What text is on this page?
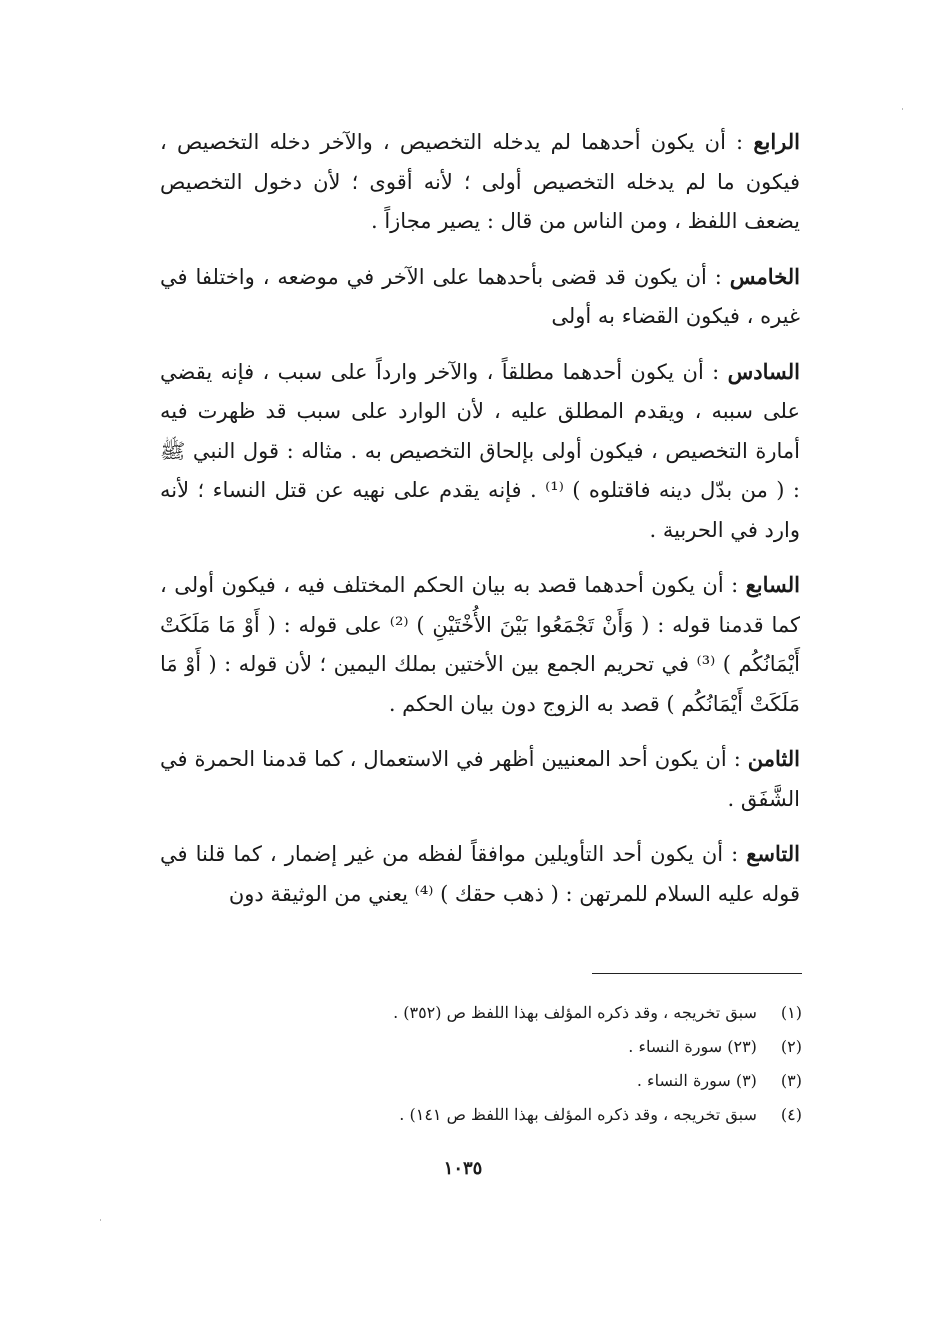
الرابع : أن يكون أحدهما لم يدخله التخصيص ، والآخر دخله التخصيص ، فيكون ما لم يدخله التخصيص أولى ؛ لأنه أقوى ؛ لأن دخول التخصيص يضعف اللفظ ، ومن الناس من قال : يصير مجازاً .

الخامس : أن يكون قد قضى بأحدهما على الآخر في موضعه ، واختلفا في غيره ، فيكون القضاء به أولى

السادس : أن يكون أحدهما مطلقاً ، والآخر وارداً على سبب ، فإنه يقضي على سببه ، ويقدم المطلق عليه ، لأن الوارد على سبب قد ظهرت فيه أمارة التخصيص ، فيكون أولى بإلحاق التخصيص به . مثاله : قول النبي ﷺ : ( من بدّل دينه فاقتلوه ) ⁽¹⁾ . فإنه يقدم على نهيه عن قتل النساء ؛ لأنه وارد في الحربية .

السابع : أن يكون أحدهما قصد به بيان الحكم المختلف فيه ، فيكون أولى ، كما قدمنا قوله : ( وَأَنْ تَجْمَعُوا بَيْنَ الأُخْتَيْنِ ) ⁽²⁾ على قوله : ( أَوْ مَا مَلَكَتْ أَيْمَانُكُم ) ⁽³⁾ في تحريم الجمع بين الأختين بملك اليمين ؛ لأن قوله : ( أَوْ مَا مَلَكَتْ أَيْمَانُكُم ) قصد به الزوج دون بيان الحكم .

الثامن : أن يكون أحد المعنيين أظهر في الاستعمال ، كما قدمنا الحمرة في الشَّفَق .

التاسع : أن يكون أحد التأويلين موافقاً لفظه من غير إضمار ، كما قلنا في قوله عليه السلام للمرتهن : ( ذهب حقك ) ⁽⁴⁾ يعني من الوثيقة دون

(١) سبق تخريجه ، وقد ذكره المؤلف بهذا اللفظ ص (٣٥٢) .
(٢) (٢٣) سورة النساء .
(٣) (٣) سورة النساء .
(٤) سبق تخريجه ، وقد ذكره المؤلف بهذا اللفظ ص ١٤١) .
١٠٣٥
